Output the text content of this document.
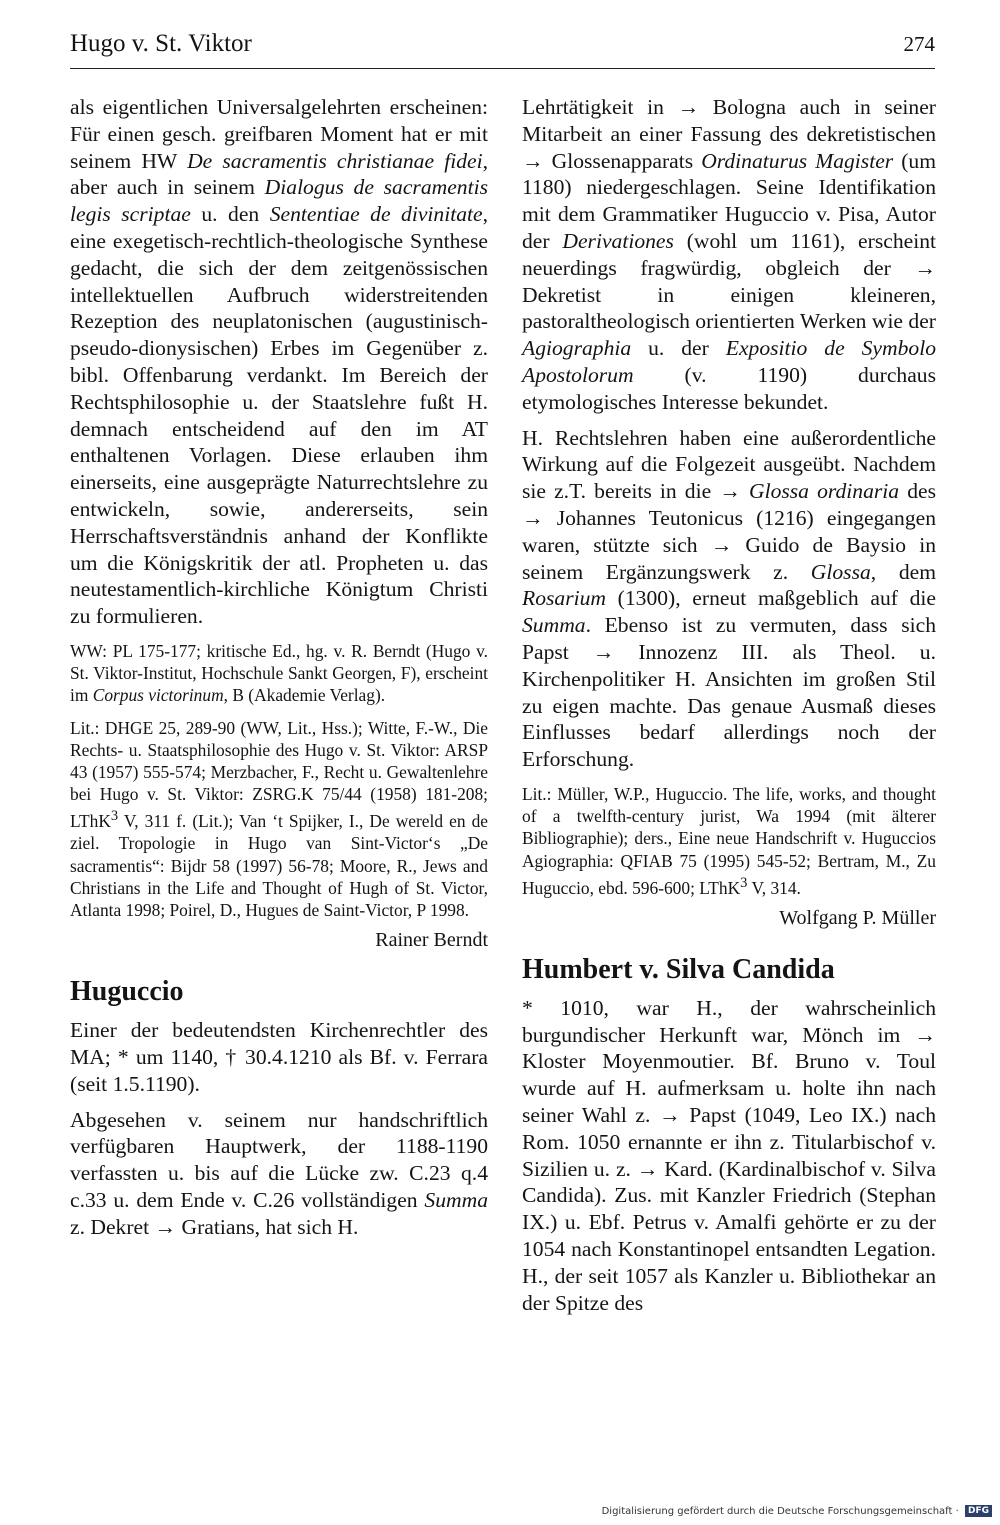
Hugo v. St. Viktor	274

als eigentlichen Universalgelehrten erscheinen: Für einen gesch. greifbaren Moment hat er mit seinem HW De sacramentis christianae fidei, aber auch in seinem Dialogus de sacramentis legis scriptae u. den Sententiae de divinitate, eine exegetisch-rechtlich-theologische Synthese gedacht, die sich der dem zeitgenössischen intellektuellen Aufbruch widerstreitenden Rezeption des neuplatonischen (augustinisch-pseudo-dionysischen) Erbes im Gegenüber z. bibl. Offenbarung verdankt. Im Bereich der Rechtsphilosophie u. der Staatslehre fußt H. demnach entscheidend auf den im AT enthaltenen Vorlagen. Diese erlauben ihm einerseits, eine ausgeprägte Naturrechtslehre zu entwickeln, sowie, andererseits, sein Herrschaftsverständnis anhand der Konflikte um die Königskritik der atl. Propheten u. das neutestamentlich-kirchliche Königtum Christi zu formulieren.

WW: PL 175-177; kritische Ed., hg. v. R. Berndt (Hugo v. St. Viktor-Institut, Hochschule Sankt Georgen, F), erscheint im Corpus victorinum, B (Akademie Verlag).

Lit.: DHGE 25, 289-90 (WW, Lit., Hss.); Witte, F.-W., Die Rechts- u. Staatsphilosophie des Hugo v. St. Viktor: ARSP 43 (1957) 555-574; Merzbacher, F., Recht u. Gewaltenlehre bei Hugo v. St. Viktor: ZSRG.K 75/44 (1958) 181-208; LThK$^3$ V, 311 f. (Lit.); Van ‘t Spijker, I., De wereld en de ziel. Tropologie in Hugo van Sint-Victor‘s „De sacramentis“: Bijdr 58 (1997) 56-78; Moore, R., Jews and Christians in the Life and Thought of Hugh of St. Victor, Atlanta 1998; Poirel, D., Hugues de Saint-Victor, P 1998.

Rainer Berndt
Huguccio

Einer der bedeutendsten Kirchenrechtler des MA; * um 1140, † 30.4.1210 als Bf. v. Ferrara (seit 1.5.1190).

Abgesehen v. seinem nur handschriftlich verfügbaren Hauptwerk, der 1188-1190 verfassten u. bis auf die Lücke zw. C.23 q.4 c.33 u. dem Ende v. C.26 vollständigen Summa z. Dekret → Gratians, hat sich H.

Lehrtätigkeit in → Bologna auch in seiner Mitarbeit an einer Fassung des dekretistischen → Glossenapparats Ordinaturus Magister (um 1180) niedergeschlagen. Seine Identifikation mit dem Grammatiker Huguccio v. Pisa, Autor der Derivationes (wohl um 1161), erscheint neuerdings fragwürdig, obgleich der → Dekretist in einigen kleineren, pastoraltheologisch orientierten Werken wie der Agiographia u. der Expositio de Symbolo Apostolorum (v. 1190) durchaus etymologisches Interesse bekundet.

H. Rechtslehren haben eine außerordentliche Wirkung auf die Folgezeit ausgeübt. Nachdem sie z.T. bereits in die → Glossa ordinaria des → Johannes Teutonicus (1216) eingegangen waren, stützte sich → Guido de Baysio in seinem Ergänzungswerk z. Glossa, dem Rosarium (1300), erneut maßgeblich auf die Summa. Ebenso ist zu vermuten, dass sich Papst → Innozenz III. als Theol. u. Kirchenpolitiker H. Ansichten im großen Stil zu eigen machte. Das genaue Ausmaß dieses Einflusses bedarf allerdings noch der Erforschung.

Lit.: Müller, W.P., Huguccio. The life, works, and thought of a twelfth-century jurist, Wa 1994 (mit älterer Bibliographie); ders., Eine neue Handschrift v. Huguccios Agiographia: QFIAB 75 (1995) 545-52; Bertram, M., Zu Huguccio, ebd. 596-600; LThK$^3$ V, 314.

Wolfgang P. Müller
Humbert v. Silva Candida

* 1010, war H., der wahrscheinlich burgundischer Herkunft war, Mönch im → Kloster Moyenmoutier. Bf. Bruno v. Toul wurde auf H. aufmerksam u. holte ihn nach seiner Wahl z. → Papst (1049, Leo IX.) nach Rom. 1050 ernannte er ihn z. Titularbischof v. Sizilien u. z. → Kard. (Kardinalbischof v. Silva Candida). Zus. mit Kanzler Friedrich (Stephan IX.) u. Ebf. Petrus v. Amalfi gehörte er zu der 1054 nach Konstantinopel entsandten Legation. H., der seit 1057 als Kanzler u. Bibliothekar an der Spitze des

Digitalisierung gefördert durch die Deutsche Forschungsgemeinschaft · DFG
